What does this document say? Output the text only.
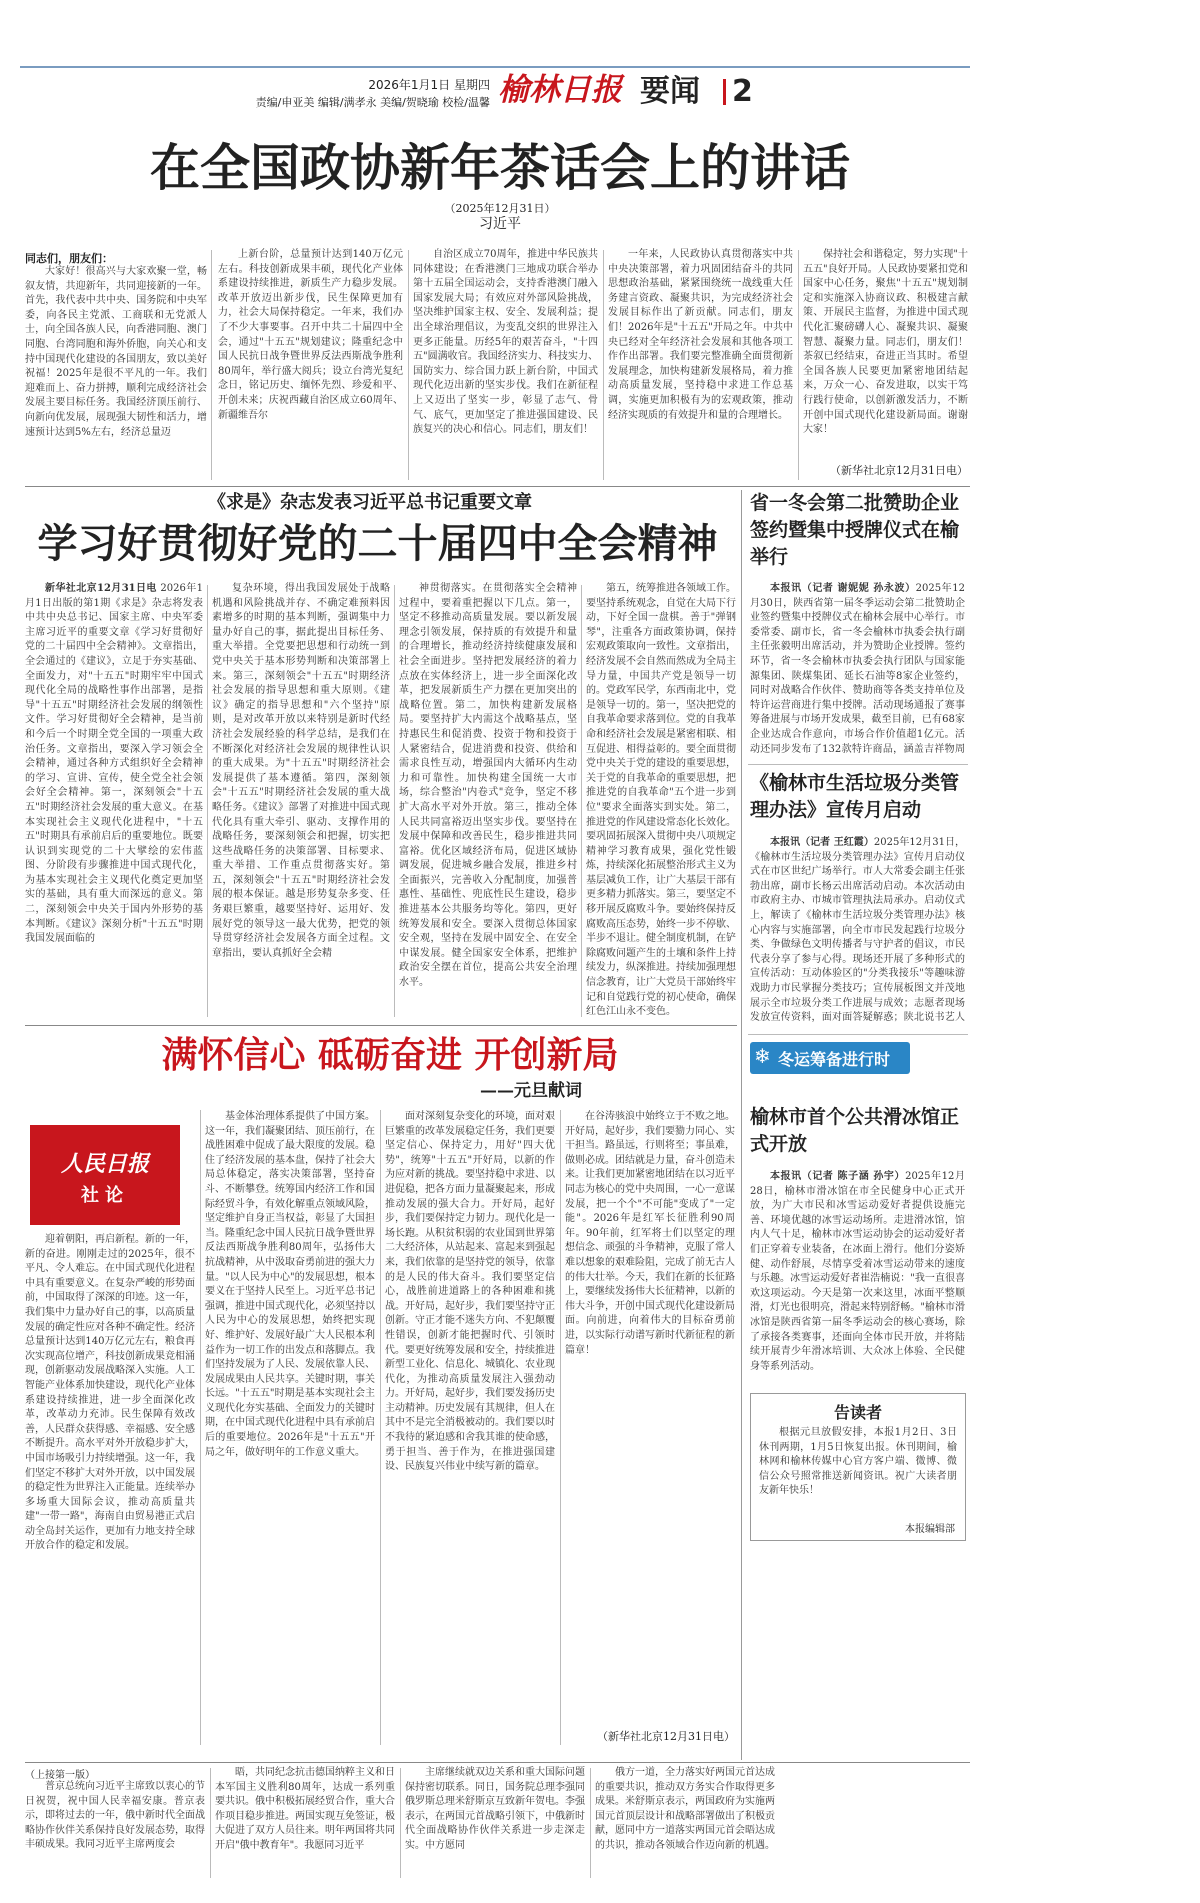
2026年1月1日 星期四
责编/申亚美 编辑/满孝永 美编/贺晓瑜 校检/温馨 榆林日报 要闻	2
在全国政协新年茶话会上的讲话
（2025年12月31日）
习近平
同志们，朋友们：

大家好！很高兴与大家欢聚一堂，畅叙友情，共迎新年，共同迎接新的一年。首先，我代表中共中央、国务院和中央军委，向各民主党派、工商联和无党派人士，向全国各族人民，向香港同胞、澳门同胞、台湾同胞和海外侨胞，向关心和支持中国现代化建设的各国朋友，致以美好祝福！2025年是很不平凡的一年。我们迎难而上、奋力拼搏，顺利完成经济社会发展主要目标任务。我国经济顶压前行、向新向优发展，展现强大韧性和活力，增速预计达到5%左右，经济总量迈

上新台阶，总量预计达到140万亿元左右。科技创新成果丰硕，现代化产业体系建设持续推进，新质生产力稳步发展。改革开放迈出新步伐，民生保障更加有力，社会大局保持稳定。一年来，我们办了不少大事要事。召开中共二十届四中全会，通过"十五五"规划建议；隆重纪念中国人民抗日战争暨世界反法西斯战争胜利80周年，举行盛大阅兵；设立台湾光复纪念日，铭记历史、缅怀先烈、珍爱和平、开创未来；庆祝西藏自治区成立60周年、新疆维吾尔

自治区成立70周年，推进中华民族共同体建设；在香港澳门三地成功联合举办第十五届全国运动会，支持香港澳门融入国家发展大局；有效应对外部风险挑战，坚决维护国家主权、安全、发展利益；提出全球治理倡议，为变乱交织的世界注入更多正能量。历经5年的艰苦奋斗，"十四五"圆满收官。我国经济实力、科技实力、国防实力、综合国力跃上新台阶，中国式现代化迈出新的坚实步伐。我们在新征程上又迈出了坚实一步，彰显了志气、骨气、底气，更加坚定了推进强国建设、民族复兴的决心和信心。同志们，朋友们！

一年来，人民政协认真贯彻落实中共中央决策部署，着力巩固团结奋斗的共同思想政治基础，紧紧围绕统一战线重大任务建言资政、凝聚共识，为完成经济社会发展目标作出了新贡献。同志们，朋友们！2026年是"十五五"开局之年。中共中央已经对全年经济社会发展和其他各项工作作出部署。我们要完整准确全面贯彻新发展理念，加快构建新发展格局，着力推动高质量发展，坚持稳中求进工作总基调，实施更加积极有为的宏观政策，推动经济实现质的有效提升和量的合理增长。

保持社会和谐稳定，努力实现"十五五"良好开局。人民政协要紧扣党和国家中心任务，聚焦"十五五"规划制定和实施深入协商议政、积极建言献策、开展民主监督，为推进中国式现代化汇聚磅礴人心、凝聚共识、凝聚智慧、凝聚力量。同志们，朋友们！茶叙已经结束，奋进正当其时。希望全国各族人民要更加紧密地团结起来，万众一心、奋发进取，以实干笃行践行使命，以创新激发活力，不断开创中国式现代化建设新局面。谢谢大家！

（新华社北京12月31日电）
《求是》杂志发表习近平总书记重要文章
学习好贯彻好党的二十届四中全会精神

新华社北京12月31日电 2026年1月1日出版的第1期《求是》杂志将发表中共中央总书记、国家主席、中央军委主席习近平的重要文章《学习好贯彻好党的二十届四中全会精神》。文章指出，全会通过的《建议》，立足于夯实基础、全面发力，对"十五五"时期牢牢中国式现代化全局的战略性事作出部署，是指导"十五五"时期经济社会发展的纲领性文件。学习好贯彻好全会精神，是当前和今后一个时期全党全国的一项重大政治任务。文章指出，要深入学习领会全会精神，通过各种方式组织好全会精神的学习、宣讲、宣传，使全党全社会领会好全会精神。第一，深刻领会"十五五"时期经济社会发展的重大意义。在基本实现社会主义现代化进程中，"十五五"时期具有承前启后的重要地位。既要认识到实现党的二十大擘绘的宏伟蓝图、分阶段有步骤推进中国式现代化，为基本实现社会主义现代化奠定更加坚实的基础，具有重大而深远的意义。第二，深刻领会中央关于国内外形势的基本判断。《建议》深刻分析"十五五"时期我国发展面临的

复杂环境，得出我国发展处于战略机遇和风险挑战并存、不确定难预料因素增多的时期的基本判断，强调集中力量办好自己的事，据此提出目标任务、重大举措。全党要把思想和行动统一到党中央关于基本形势判断和决策部署上来。第三，深刻领会"十五五"时期经济社会发展的指导思想和重大原则。《建议》确定的指导思想和"六个坚持"原则，是对改革开放以来特别是新时代经济社会发展经验的科学总结，是我们在不断深化对经济社会发展的规律性认识的重大成果。为"十五五"时期经济社会发展提供了基本遵循。第四，深刻领会"十五五"时期经济社会发展的重大战略任务。《建议》部署了对推进中国式现代化具有重大牵引、驱动、支撑作用的战略任务，要深刻领会和把握，切实把这些战略任务的决策部署、目标要求、重大举措、工作重点贯彻落实好。第五，深刻领会"十五五"时期经济社会发展的根本保证。越是形势复杂多变、任务艰巨繁重，越要坚持好、运用好、发展好党的领导这一最大优势，把党的领导贯穿经济社会发展各方面全过程。文章指出，要认真抓好全会精

神贯彻落实。在贯彻落实全会精神过程中，要着重把握以下几点。第一，坚定不移推动高质量发展。要以新发展理念引领发展，保持质的有效提升和量的合理增长，推动经济持续健康发展和社会全面进步。坚持把发展经济的着力点放在实体经济上，进一步全面深化改革，把发展新质生产力摆在更加突出的战略位置。第二，加快构建新发展格局。要坚持扩大内需这个战略基点，坚持惠民生和促消费、投资于物和投资于人紧密结合，促进消费和投资、供给和需求良性互动，增强国内大循环内生动力和可靠性。加快构建全国统一大市场，综合整治"内卷式"竞争，坚定不移扩大高水平对外开放。第三，推动全体人民共同富裕迈出坚实步伐。要坚持在发展中保障和改善民生，稳步推进共同富裕。优化区域经济布局，促进区域协调发展，促进城乡融合发展，推进乡村全面振兴，完善收入分配制度，加强普惠性、基础性、兜底性民生建设，稳步推进基本公共服务均等化。第四，更好统筹发展和安全。要深入贯彻总体国家安全观，坚持在发展中固安全、在安全中谋发展。健全国家安全体系，把维护政治安全摆在首位，提高公共安全治理水平。

第五，统筹推进各领域工作。要坚持系统观念，自觉在大局下行动，下好全国一盘棋。善于"弹钢琴"，注重各方面政策协调，保持宏观政策取向一致性。文章指出，经济发展不会自然而然成为全局主导力量，中国共产党是领导一切的。党政军民学，东西南北中，党是领导一切的。第一，坚决把党的自我革命要求落到位。党的自我革命和经济社会发展是紧密相联、相互促进、相得益彰的。要全面贯彻党中央关于党的建设的重要思想，关于党的自我革命的重要思想，把推进党的自我革命"五个进一步到位"要求全面落实到实处。第二，推进党的作风建设常态化长效化。要巩固拓展深入贯彻中央八项规定精神学习教育成果，强化党性锻炼，持续深化拓展整治形式主义为基层减负工作，让广大基层干部有更多精力抓落实。第三，要坚定不移开展反腐败斗争。要始终保持反腐败高压态势，始终一步不停歇、半步不退让。健全制度机制，在铲除腐败问题产生的土壤和条件上持续发力，纵深推进。持续加强理想信念教育，让广大党员干部始终牢记和自觉践行党的初心使命，确保红色江山永不变色。

满怀信心 砥砺奋进 开创新局
——元旦献词
人民日报
社论

迎着朝阳，再启新程。新的一年，新的奋进。刚刚走过的2025年，很不平凡、令人难忘。在中国式现代化进程中具有重要意义。在复杂严峻的形势面前，中国取得了深深的印迹。这一年，我们集中力量办好自己的事，以高质量发展的确定性应对各种不确定性。经济总量预计达到140万亿元左右，粮食再次实现高位增产，科技创新成果竞相涌现，创新驱动发展战略深入实施。人工智能产业体系加快建设，现代化产业体系建设持续推进，进一步全面深化改革，改革动力充沛。民生保障有效改善，人民群众获得感、幸福感、安全感不断提升。高水平对外开放稳步扩大，中国市场吸引力持续增强。这一年，我们坚定不移扩大对外开放，以中国发展的稳定性为世界注入正能量。连续举办多场重大国际会议，推动高质量共建"一带一路"，海南自由贸易港正式启动全岛封关运作，更加有力地支持全球开放合作的稳定和发展。

基金体治理体系提供了中国方案。这一年，我们凝聚团结、顶压前行，在战胜困难中促成了最大限度的发展。稳住了经济发展的基本盘，保持了社会大局总体稳定，落实决策部署，坚持奋斗、不断攀登。统筹国内经济工作和国际经贸斗争，有效化解重点领域风险，坚定维护自身正当权益，彰显了大国担当。隆重纪念中国人民抗日战争暨世界反法西斯战争胜利80周年，弘扬伟大抗战精神，从中汲取奋勇前进的强大力量。"以人民为中心"的发展思想，根本要义在于坚持人民至上。习近平总书记强调，推进中国式现代化，必须坚持以人民为中心的发展思想，始终把实现好、维护好、发展好最广大人民根本利益作为一切工作的出发点和落脚点。我们坚持发展为了人民、发展依靠人民、发展成果由人民共享。关键时期，事关长远。"十五五"时期是基本实现社会主义现代化夯实基础、全面发力的关键时期，在中国式现代化进程中具有承前启后的重要地位。2026年是"十五五"开局之年，做好明年的工作意义重大。

面对深刻复杂变化的环境，面对艰巨繁重的改革发展稳定任务，我们更要坚定信心、保持定力，用好"四大优势"，统筹"十五五"开好局，以新的作为应对新的挑战。要坚持稳中求进、以进促稳，把各方面力量凝聚起来，形成推动发展的强大合力。开好局，起好步，我们要保持定力韧力。现代化是一场长跑。从积贫积弱的农业国到世界第二大经济体，从站起来、富起来到强起来，我们依靠的是坚持党的领导，依靠的是人民的伟大奋斗。我们要坚定信心，战胜前进道路上的各种困难和挑战。开好局，起好步，我们要坚持守正创新。守正才能不迷失方向、不犯颠覆性错误，创新才能把握时代、引领时代。要更好统筹发展和安全，持续推进新型工业化、信息化、城镇化、农业现代化，为推动高质量发展注入强劲动力。开好局，起好步，我们要发扬历史主动精神。历史发展有其规律，但人在其中不是完全消极被动的。我们要以时不我待的紧迫感和舍我其谁的使命感，勇于担当、善于作为，在推进强国建设、民族复兴伟业中续写新的篇章。

在谷涛骇浪中始终立于不败之地。开好局，起好步，我们要勠力同心、实干担当。路虽远，行则将至；事虽难，做则必成。团结就是力量，奋斗创造未来。让我们更加紧密地团结在以习近平同志为核心的党中央周围，一心一意谋发展，把一个个"不可能"变成了"一定能"。2026年是红军长征胜利90周年。90年前，红军将士们以坚定的理想信念、顽强的斗争精神，克服了常人难以想象的艰难险阻，完成了前无古人的伟大壮举。今天，我们在新的长征路上，要继续发扬伟大长征精神，以新的伟大斗争，开创中国式现代化建设新局面。向前进，向着伟大的目标奋勇前进，以实际行动谱写新时代新征程的新篇章！

（新华社北京12月31日电）
省一冬会第二批赞助企业签约暨集中授牌仪式在榆举行

本报讯（记者 谢妮妮 孙永波）2025年12月30日，陕西省第一届冬季运动会第二批赞助企业签约暨集中授牌仪式在榆林会展中心举行。市委常委、副市长，省一冬会榆林市执委会执行副主任张毅明出席活动，并为赞助企业授牌。签约环节，省一冬会榆林市执委会执行团队与国家能源集团、陕煤集团、延长石油等8家企业签约，同时对战略合作伙伴、赞助商等各类支持单位及特许运营商进行集中授牌。活动现场通报了赛事筹备进展与市场开发成果，截至目前，已有68家企业达成合作意向，市场合作价值超1亿元。活动还同步发布了132款特许商品，涵盖吉祥物周

《榆林市生活垃圾分类管理办法》宣传月启动

本报讯（记者 王红霞）2025年12月31日，《榆林市生活垃圾分类管理办法》宣传月启动仪式在市区世纪广场举行。市人大常委会副主任张勃出席，副市长杨云出席活动启动。本次活动由市政府主办、市城市管理执法局承办。启动仪式上，解读了《榆林市生活垃圾分类管理办法》核心内容与实施部署，向全市市民发起践行垃圾分类、争做绿色文明传播者与守护者的倡议，市民代表分享了参与心得。现场还开展了多种形式的宣传活动：互动体验区的"分类我接乐"等趣味游戏助力市民掌握分类技巧；宣传展板图文并茂地展示全市垃圾分类工作进展与成效；志愿者现场发放宣传资料，面对面答疑解惑；陕北说书艺人

❄ 冬运筹备进行时
榆林市首个公共滑冰馆正式开放

本报讯（记者 陈子涵 孙宇）2025年12月28日，榆林市滑冰馆在市全民健身中心正式开放，为广大市民和冰雪运动爱好者提供设施完善、环境优越的冰雪运动场所。走进滑冰馆，馆内人气十足，榆林市冰雪运动协会的运动爱好者们正穿着专业装备，在冰面上滑行。他们分姿矫健、动作舒展，尽情享受着冰雪运动带来的速度与乐趣。冰雪运动爱好者崔浩楠说："我一直很喜欢这项运动。今天是第一次来这里，冰面平整顺滑，灯光也很明亮，滑起来特别舒畅。"榆林市滑冰馆是陕西省第一届冬季运动会的核心赛场，除了承接各类赛事，还面向全体市民开放，并将陆续开展青少年滑冰培训、大众冰上体验、全民健身等系列活动。

告读者
根据元旦放假安排，本报1月2日、3日休刊两期，1月5日恢复出报。休刊期间，榆林网和榆林传媒中心官方客户端、微博、微信公众号照常推送新闻资讯。祝广大读者朋友新年快乐！
本报编辑部
（上接第一版）

普京总统向习近平主席致以衷心的节日祝贺，祝中国人民幸福安康。普京表示，即将过去的一年，俄中新时代全面战略协作伙伴关系保持良好发展态势，取得丰硕成果。我同习近平主席两度会

晤，共同纪念抗击德国纳粹主义和日本军国主义胜利80周年，达成一系列重要共识。俄中积极拓展经贸合作，重大合作项目稳步推进。两国实现互免签证，极大促进了双方人员往来。明年两国将共同开启"俄中教育年"。我愿同习近平

主席继续就双边关系和重大国际问题保持密切联系。同日，国务院总理李强同俄罗斯总理米舒斯京互致新年贺电。李强表示，在两国元首战略引领下，中俄新时代全面战略协作伙伴关系进一步走深走实。中方愿同

俄方一道，全力落实好两国元首达成的重要共识，推动双方务实合作取得更多成果。米舒斯京表示，两国政府为实施两国元首顶层设计和战略部署做出了积极贡献，愿同中方一道落实两国元首会晤达成的共识，推动各领域合作迈向新的机遇。
